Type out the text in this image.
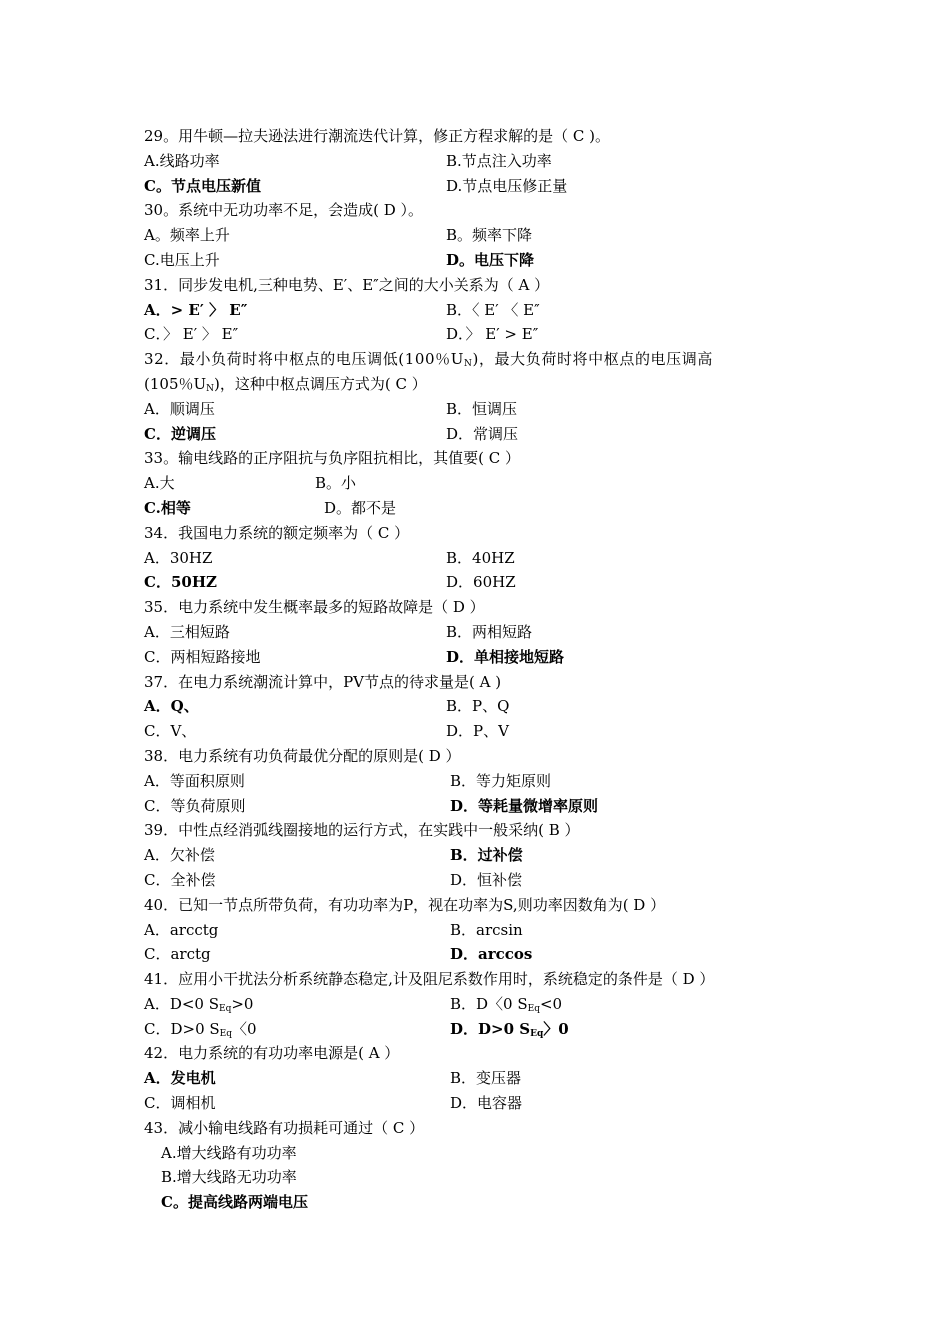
29。用牛顿—拉夫逊法进行潮流迭代计算，修正方程求解的是（ C )。
A.线路功率	B.节点注入功率
C。节点电压新值	D.节点电压修正量
30。系统中无功功率不足，会造成( D ）。
A。频率上升	B。频率下降
C.电压上升	D。电压下降
31．同步发电机,三种电势、E′、E″之间的大小关系为（ A ）
A．> E′ 〉 E″	B．〈 E′ 〈 E″
C．〉 E′ 〉 E″	D．〉 E′ > E″
32．最小负荷时将中枢点的电压调低(100％$U_N$)，最大负荷时将中枢点的电压调高
(105％$U_N$)，这种中枢点调压方式为( C ）
A．顺调压	B．恒调压
C．逆调压	D．常调压
33。输电线路的正序阻抗与负序阻抗相比，其值要( C ）
A.大	B。小
C.相等	D。都不是
34．我国电力系统的额定频率为（ C ）
A．30HZ	B．40HZ
C．50HZ	D．60HZ
35．电力系统中发生概率最多的短路故障是（ D ）
A．三相短路	B．两相短路
C．两相短路接地	D．单相接地短路
37．在电力系统潮流计算中，PV节点的待求量是( A )
A．Q、	B．P、Q
C．V、	D．P、V
38．电力系统有功负荷最优分配的原则是( D ）
A．等面积原则	B．等力矩原则
C．等负荷原则	D．等耗量微增率原则
39．中性点经消弧线圈接地的运行方式，在实践中一般采纳( B ）
A．欠补偿	B．过补偿
C．全补偿	D．恒补偿
40．已知一节点所带负荷，有功功率为P，视在功率为S,则功率因数角为( D ）
A．arcctg	B．arcsin
C．arctg	D．arccos
41．应用小干扰法分析系统静态稳定,计及阻尼系数作用时，系统稳定的条件是（ D ）
A．D<0 $S_{Eq}>0$	B．D〈0 $S_{Eq}<0$
C．D>0 $S_{Eq}$〈0	D．D>0 $S_{Eq}$〉0
42．电力系统的有功功率电源是( A ）
A．发电机	B．变压器
C．调相机	D．电容器
43．减小输电线路有功损耗可通过（ C ）
A.增大线路有功功率
B.增大线路无功功率
C。提高线路两端电压
